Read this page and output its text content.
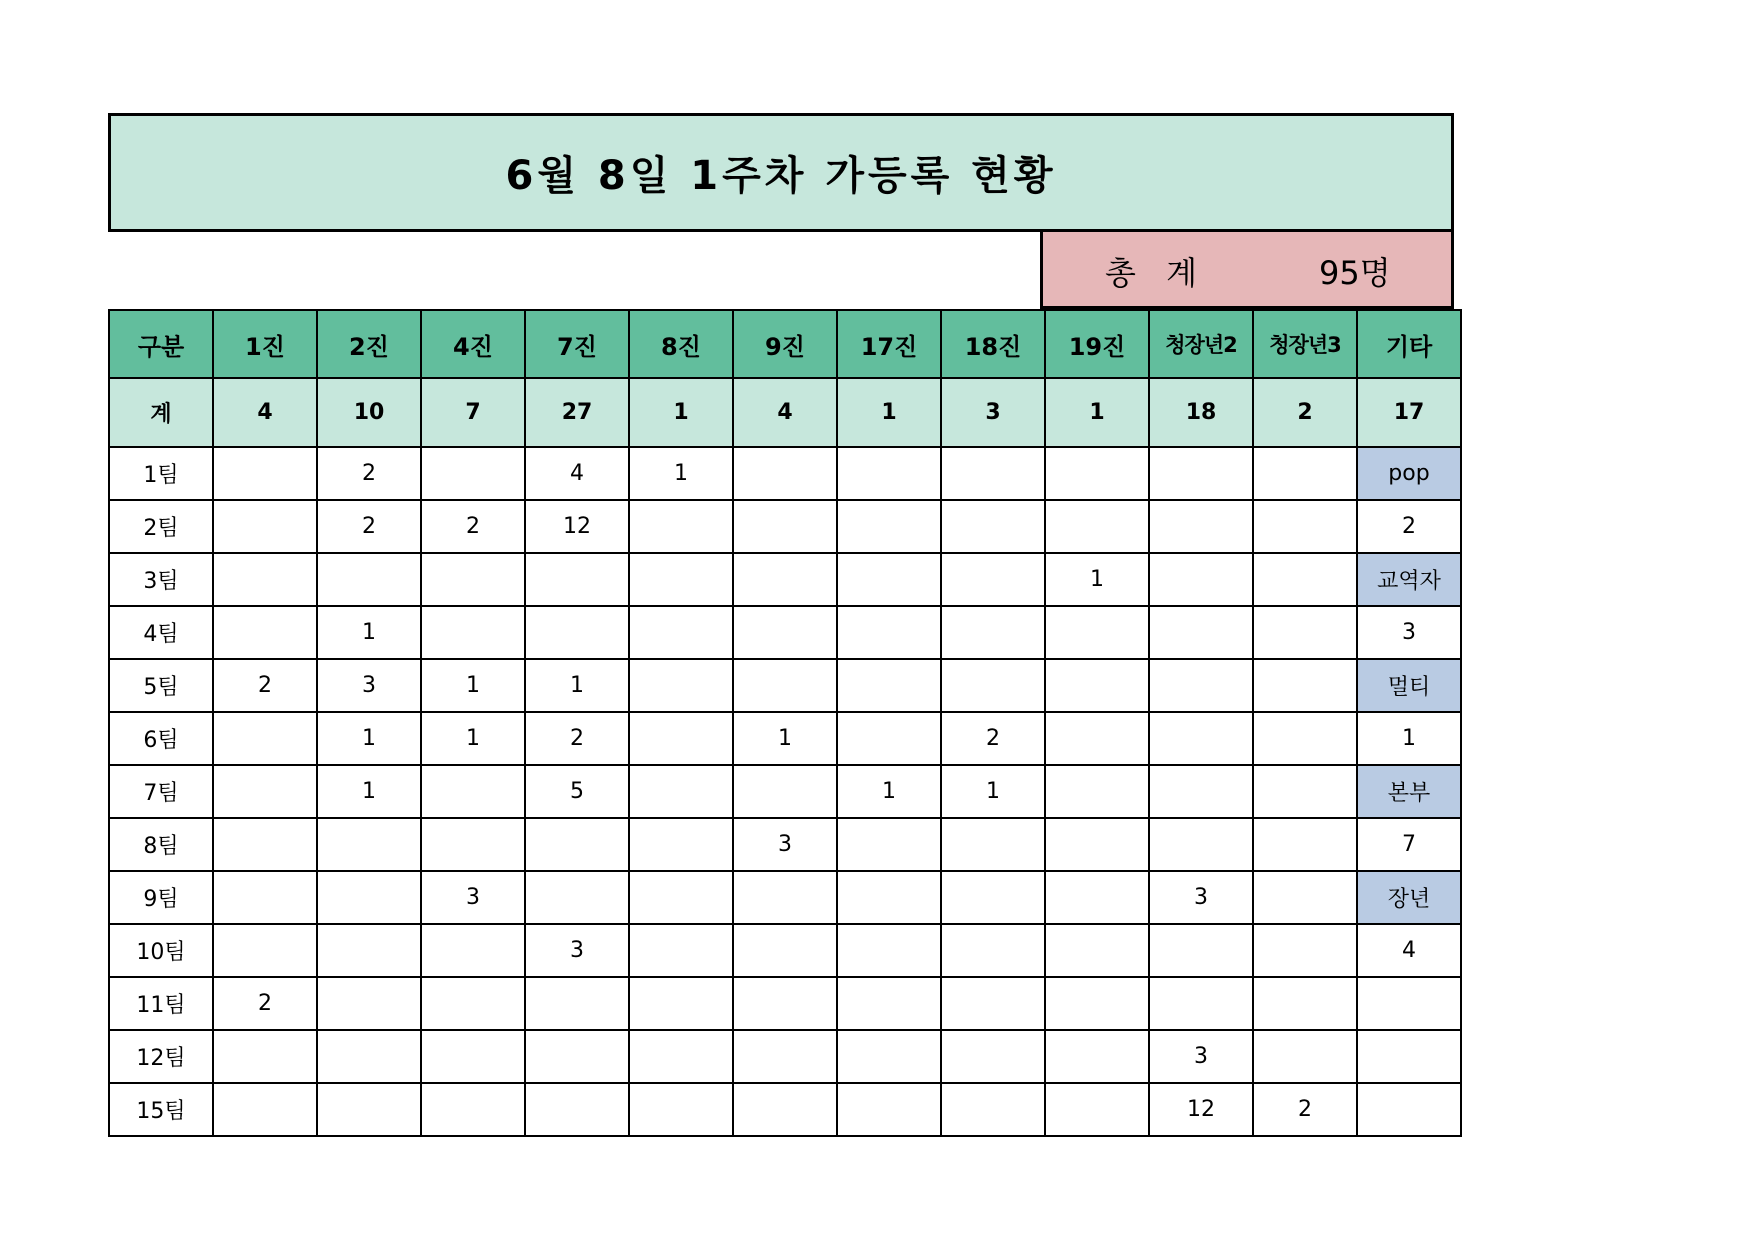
6월 8일 1주차 가등록 현황
총 계	95명
구분	1진	2진	4진	7진	8진	9진	17진	18진	19진	청장년2	청장년3	기타
계	4	10	7	27	1	4	1	3	1	18	2	17
1팀		2		4	1							pop
2팀		2	2	12								2
3팀									1			교역자
4팀		1										3
5팀	2	3	1	1								멀티
6팀		1	1	2		1		2				1
7팀		1		5			1	1				본부
8팀						3						7
9팀			3							3		장년
10팀				3								4
11팀	2											
12팀										3		
15팀										12	2	
